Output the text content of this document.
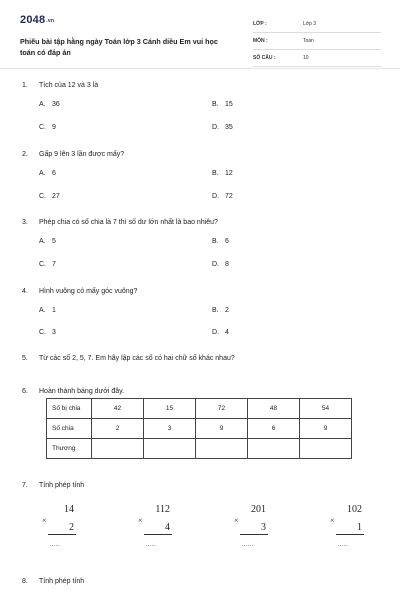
2048.vn
Phiếu bài tập hằng ngày Toán lớp 3 Cánh diều Em vui học toán có đáp án
LỚP :	Lớp 3
MÔN :	Toán
SỐ CÂU :	10
1.	Tích của 12 và 3 là
A. 36	B. 15
C. 9	D. 35
2.	Gấp 9 lên 3 lần được mấy?
A. 6	B. 12
C. 27	D. 72
3.	Phép chia có số chia là 7 thì số dư lớn nhất là bao nhiêu?
A. 5	B. 6
C. 7	D. 8
4.	Hình vuông có mấy góc vuông?
A. 1	B. 2
C. 3	D. 4
5.	Từ các số 2, 5, 7. Em hãy lập các số có hai chữ số khác nhau?
6.	Hoàn thành bảng dưới đây.
Số bị chia	42	15	72	48	54
Số chia	2	3	9	6	9
Thương					
7.	Tính phép tính
14
×
2
.....
112
×
4
.....
201
×
3
......
102
×
1
.....
8.	Tính phép tính
